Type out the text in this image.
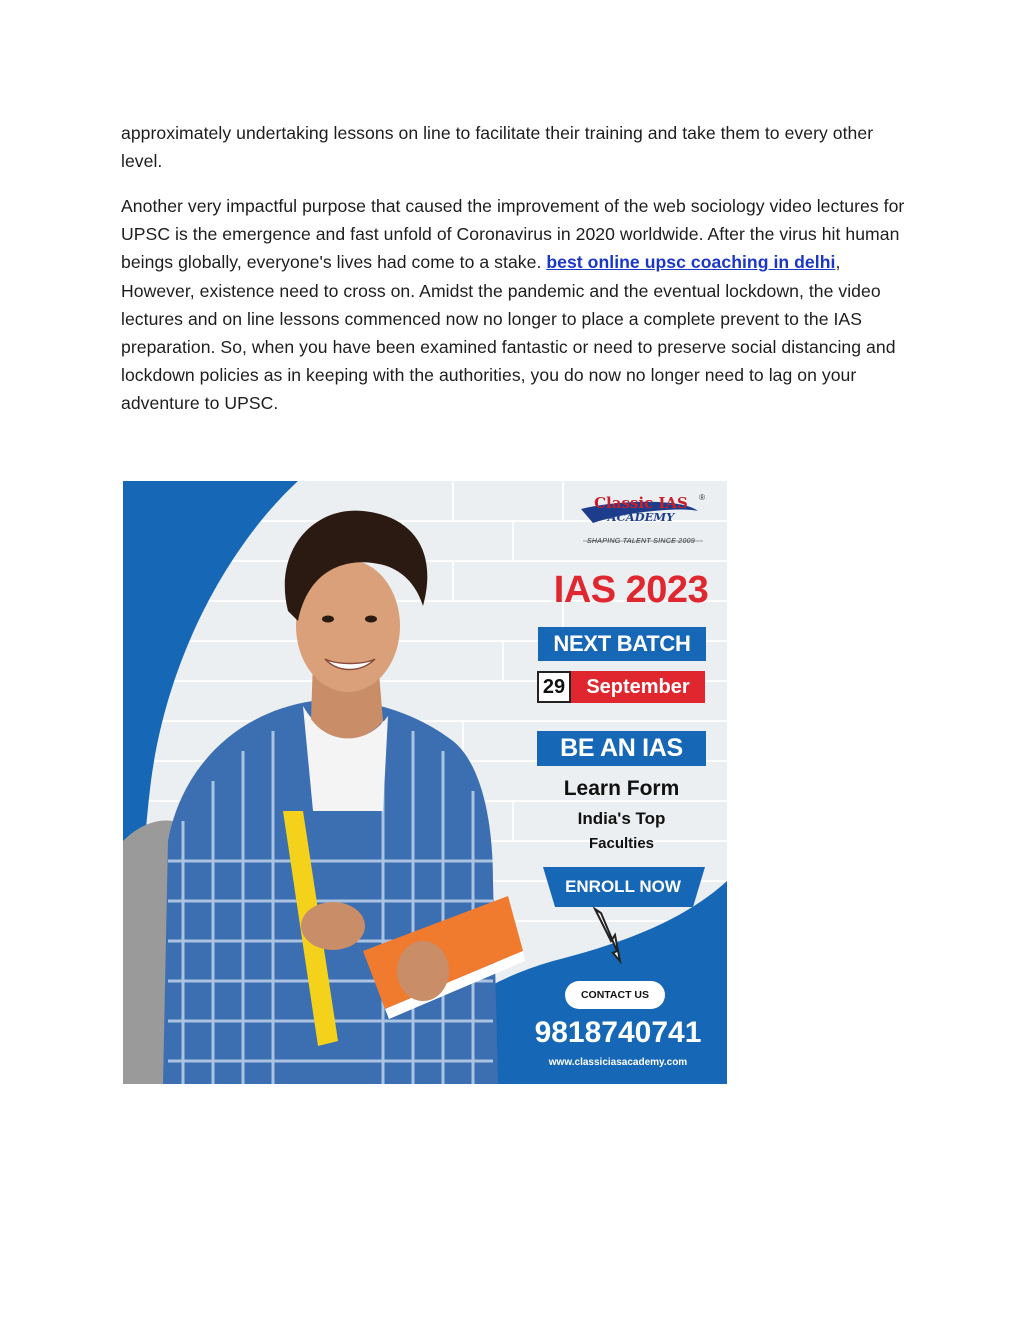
approximately undertaking lessons on line to facilitate their training and take them to every other level.

Another very impactful purpose that caused the improvement of the web sociology video lectures for UPSC is the emergence and fast unfold of Coronavirus in 2020 worldwide. After the virus hit human beings globally, everyone's lives had come to a stake. best online upsc coaching in delhi, However, existence need to cross on. Amidst the pandemic and the eventual lockdown, the video lectures and on line lessons commenced now no longer to place a complete prevent to the IAS preparation. So, when you have been examined fantastic or need to preserve social distancing and lockdown policies as in keeping with the authorities, you do now no longer need to lag on your adventure to UPSC.

®
Classic IAS
ACADEMY
SHAPING TALENT SINCE 2009
IAS 2023
NEXT BATCH
29	September
BE AN IAS
Learn Form
India's Top
Faculties
ENROLL NOW
CONTACT US
9818740741
www.classiciasacademy.com
